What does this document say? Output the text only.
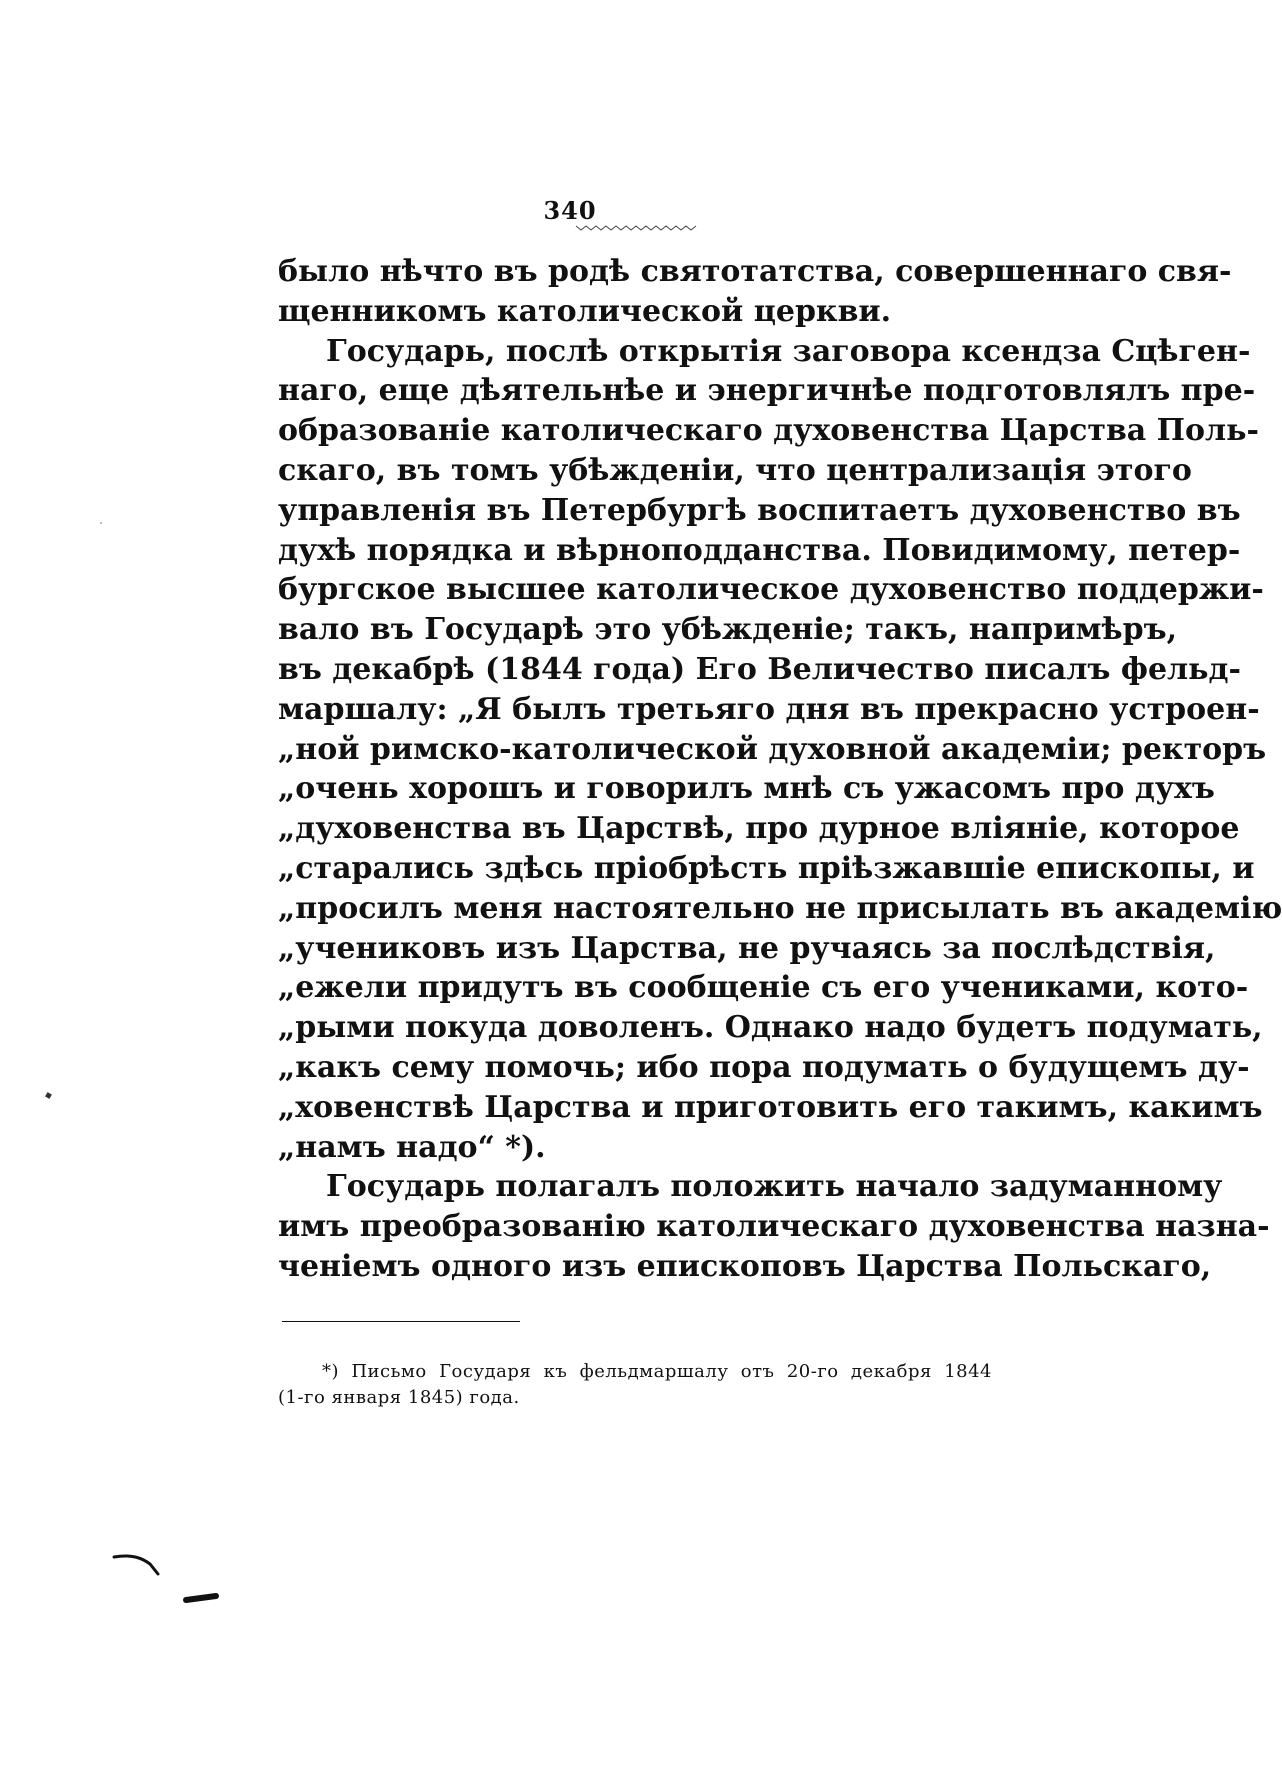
340
было нѣчто въ родѣ святотатства, совершеннаго свя-
щенникомъ католической церкви.
Государь, послѣ открытія заговора ксендза Сцѣген-
наго, еще дѣятельнѣе и энергичнѣе подготовлялъ пре-
образованіе католическаго духовенства Царства Поль-
скаго, въ томъ убѣжденіи, что централизація этого
управленія въ Петербургѣ воспитаетъ духовенство въ
духѣ порядка и вѣрноподданства. Повидимому, петер-
бургское высшее католическое духовенство поддержи-
вало въ Государѣ это убѣжденіе; такъ, напримѣръ,
въ декабрѣ (1844 года) Его Величество писалъ фельд-
маршалу: „Я былъ третьяго дня въ прекрасно устроен-
„ной римско-католической духовной академіи; ректоръ
„очень хорошъ и говорилъ мнѣ съ ужасомъ про духъ
„духовенства въ Царствѣ, про дурное вліяніе, которое
„старались здѣсь пріобрѣсть пріѣзжавшіе епископы, и
„просилъ меня настоятельно не присылать въ академію
„учениковъ изъ Царства, не ручаясь за послѣдствія,
„ежели придутъ въ сообщеніе съ его учениками, кото-
„рыми покуда доволенъ. Однако надо будетъ подумать,
„какъ сему помочь; ибо пора подумать о будущемъ ду-
„ховенствѣ Царства и приготовить его такимъ, какимъ
„намъ надо“ *).
Государь полагалъ положить начало задуманному
имъ преобразованію католическаго духовенства назна-
ченіемъ одного изъ епископовъ Царства Польскаго,
*) Письмо Государя къ фельдмаршалу отъ 20-го декабря 1844
(1-го января 1845) года.
